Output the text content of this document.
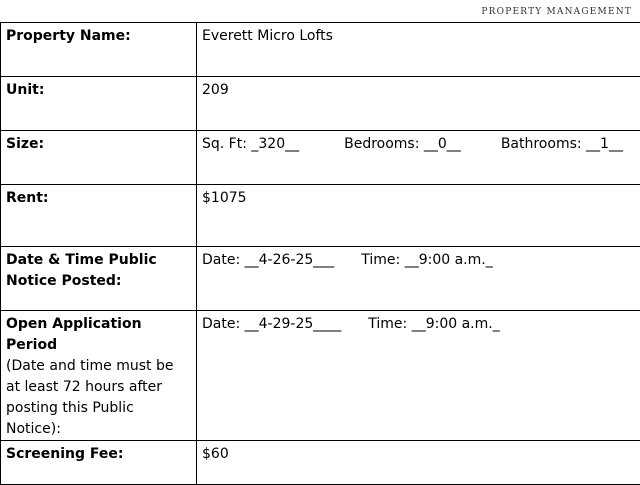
PROPERTY MANAGEMENT
Property Name:	Everett Micro Lofts
Unit:	209
Size:	Sq. Ft: _320__ Bedrooms: __0__ Bathrooms: __1__
Rent:	$1075
Date & Time Public Notice Posted:	Date: __4-26-25___ Time: __9:00 a.m._
Open Application Period
(Date and time must be at least 72 hours after posting this Public Notice):	Date: __4-29-25____ Time: __9:00 a.m._
Screening Fee:	$60
